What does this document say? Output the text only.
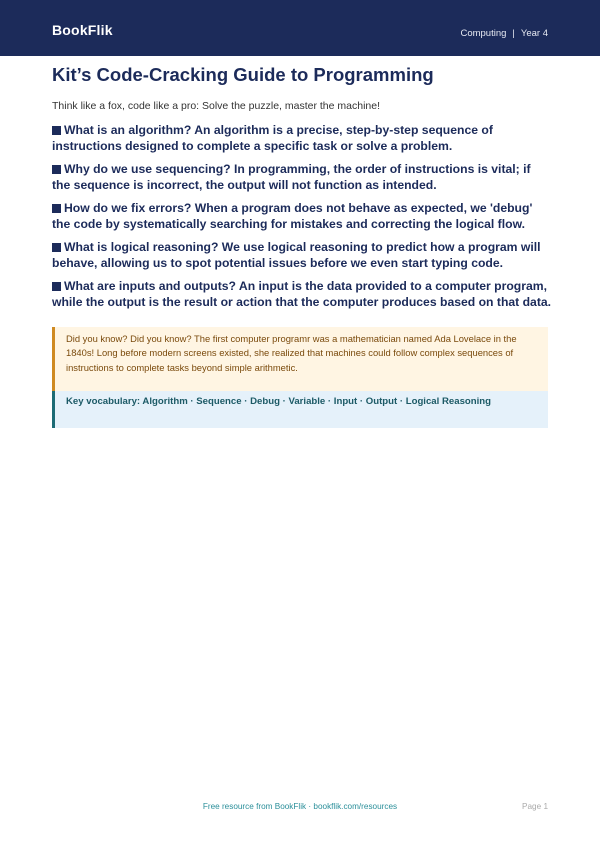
BookFlik	Computing | Year 4
Kit’s Code-Cracking Guide to Programming
Think like a fox, code like a pro: Solve the puzzle, master the machine!
What is an algorithm? An algorithm is a precise, step-by-step sequence of instructions designed to complete a specific task or solve a problem.
Why do we use sequencing? In programming, the order of instructions is vital; if the sequence is incorrect, the output will not function as intended.
How do we fix errors? When a program does not behave as expected, we 'debug' the code by systematically searching for mistakes and correcting the logical flow.
What is logical reasoning? We use logical reasoning to predict how a program will behave, allowing us to spot potential issues before we even start typing code.
What are inputs and outputs? An input is the data provided to a computer program, while the output is the result or action that the computer produces based on that data.
Did you know? Did you know? The first computer programr was a mathematician named Ada Lovelace in the 1840s! Long before modern screens existed, she realized that machines could follow complex sequences of instructions to complete tasks beyond simple arithmetic.
Key vocabulary: Algorithm · Sequence · Debug · Variable · Input · Output · Logical Reasoning
Free resource from BookFlik · bookflik.com/resources	Page 1
